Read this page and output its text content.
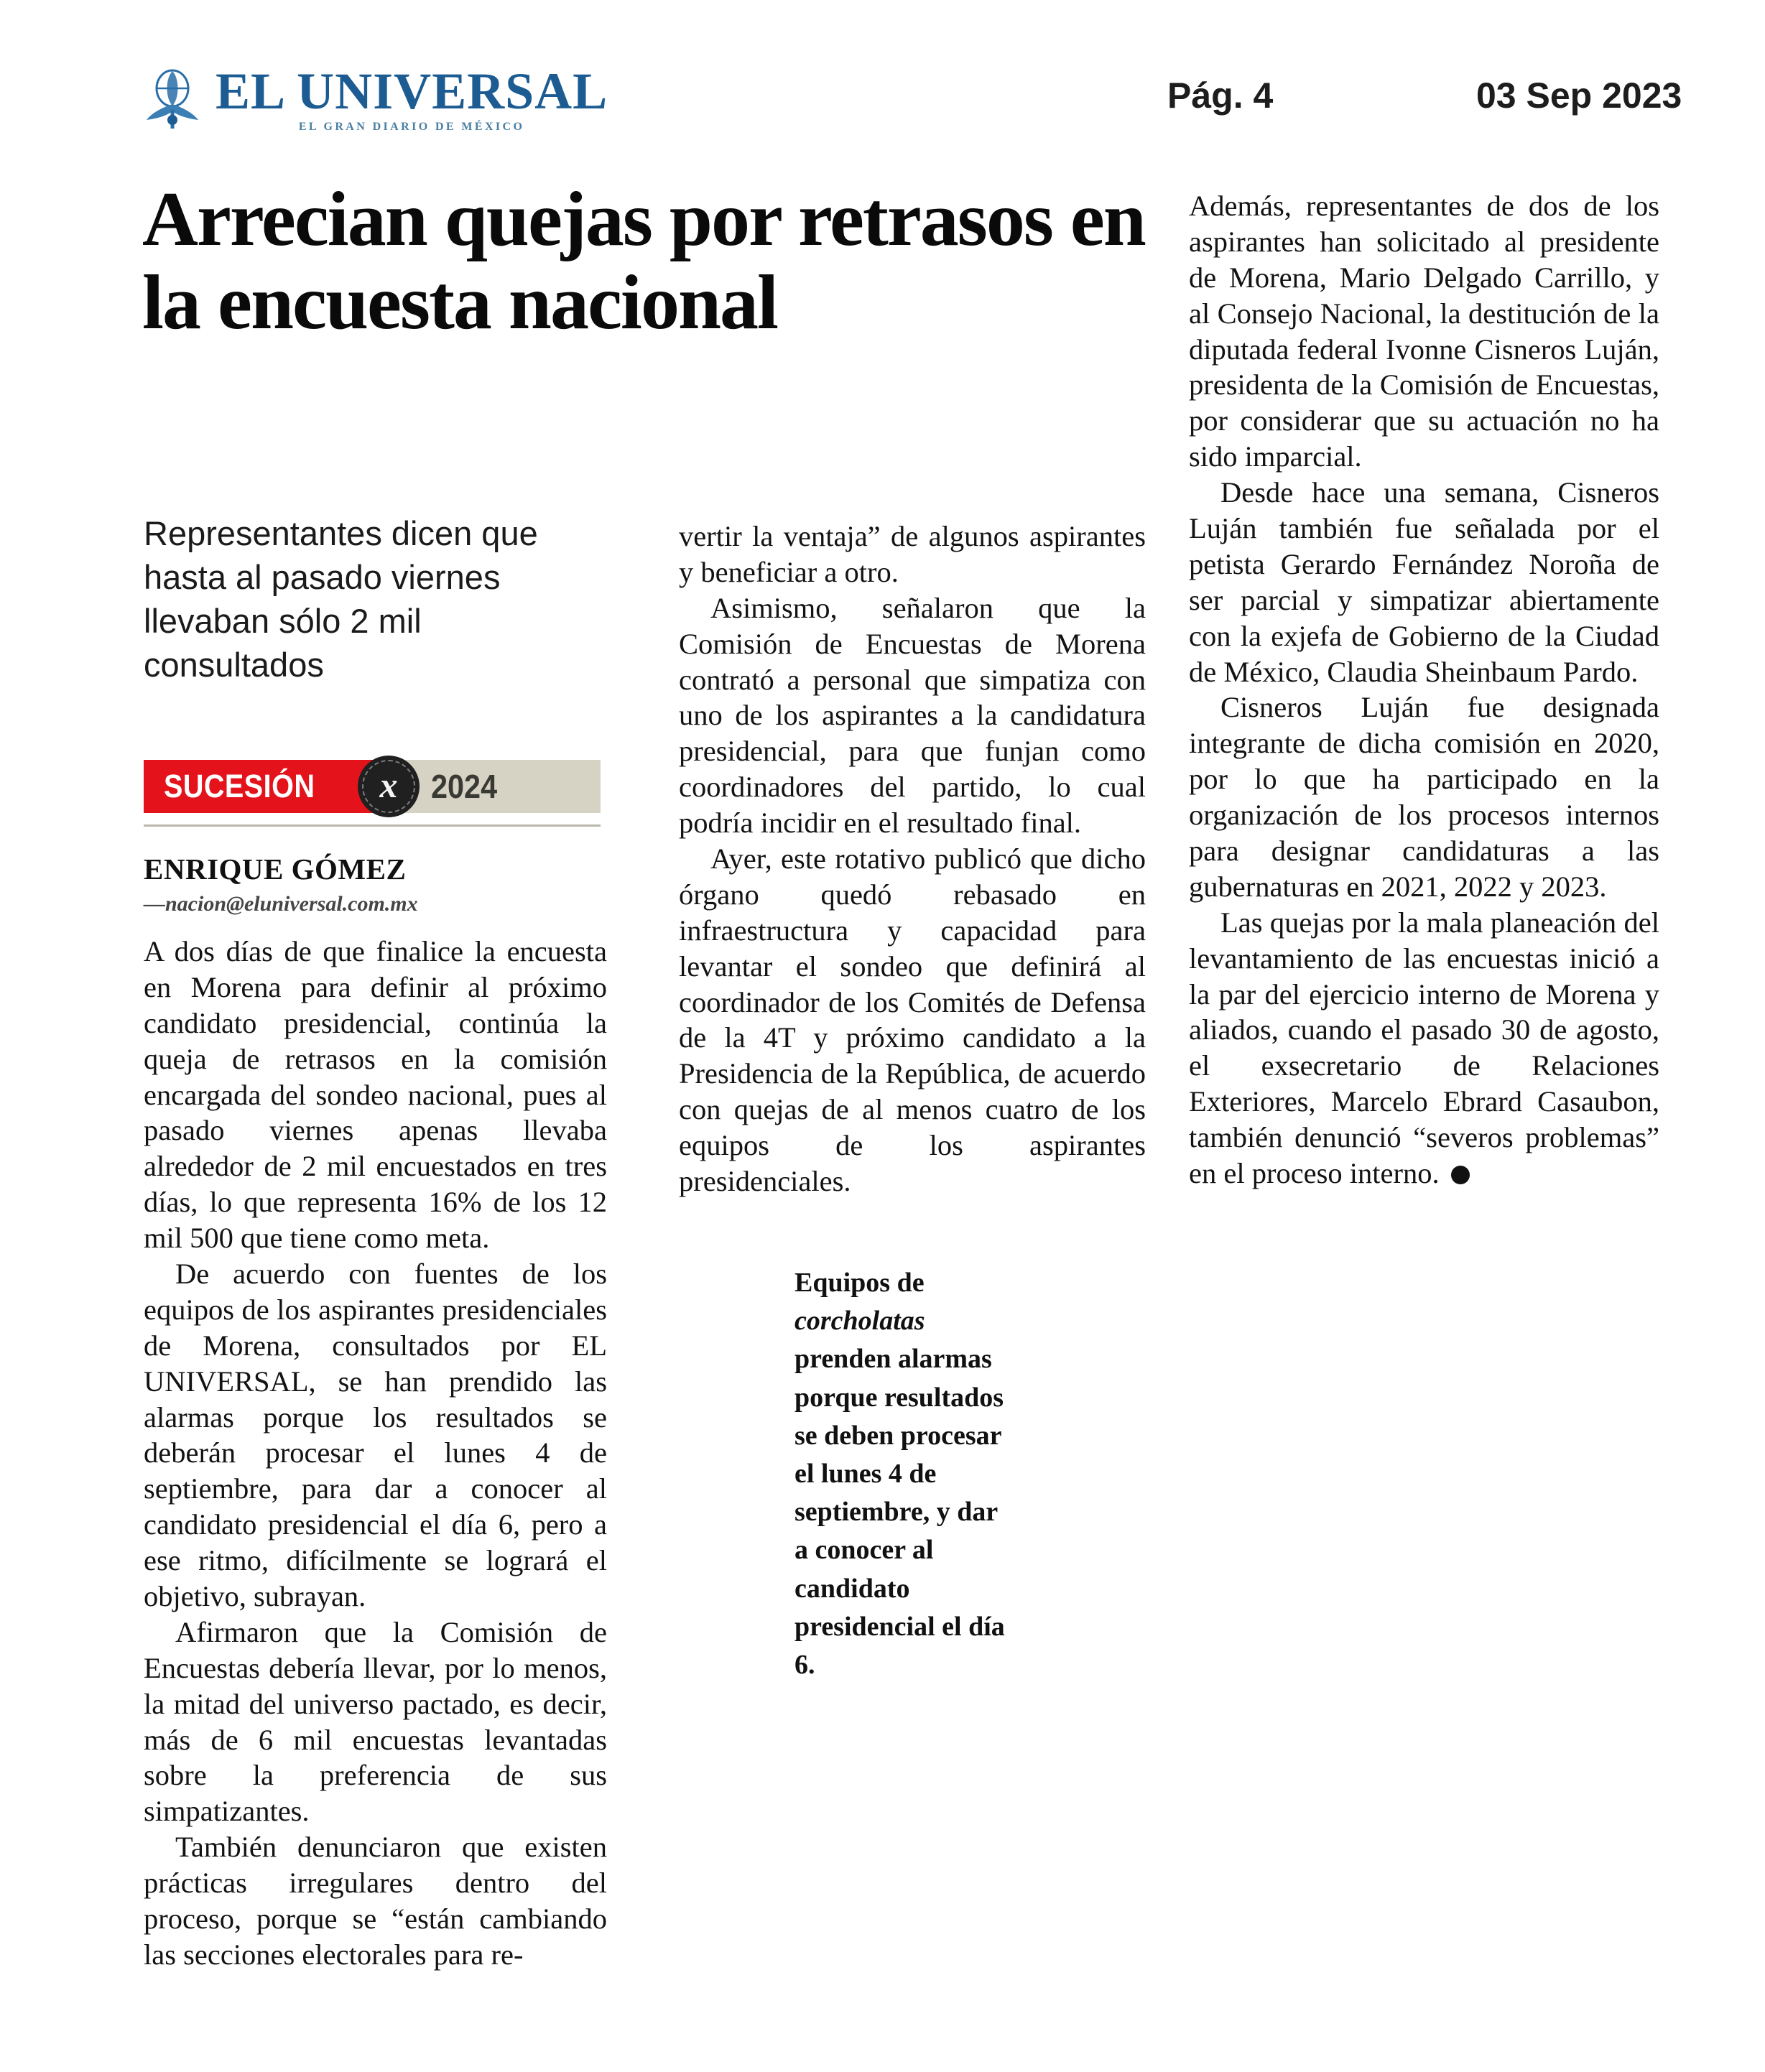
EL UNIVERSAL
EL GRAN DIARIO DE MÉXICO
Pág. 4	03 Sep 2023
Arrecian quejas por retrasos en la encuesta nacional

Representantes dicen que hasta al pasado viernes llevaban sólo 2 mil consultados

SUCESIÓN x 2024

ENRIQUE GÓMEZ

—nacion@eluniversal.com.mx

A dos días de que finalice la encuesta en Morena para definir al próximo candidato presidencial, continúa la queja de retrasos en la comisión encargada del sondeo nacional, pues al pasado viernes apenas llevaba alrededor de 2 mil encuestados en tres días, lo que representa 16% de los 12 mil 500 que tiene como meta.

De acuerdo con fuentes de los equipos de los aspirantes presidenciales de Morena, consultados por EL UNIVERSAL, se han prendido las alarmas porque los resultados se deberán procesar el lunes 4 de septiembre, para dar a conocer al candidato presidencial el día 6, pero a ese ritmo, difícilmente se logrará el objetivo, subrayan.

Afirmaron que la Comisión de Encuestas debería llevar, por lo menos, la mitad del universo pactado, es decir, más de 6 mil encuestas levantadas sobre la preferencia de sus simpatizantes.

También denunciaron que existen prácticas irregulares dentro del proceso, porque se “están cambiando las secciones electorales para re-

vertir la ventaja” de algunos aspirantes y beneficiar a otro.

Asimismo, señalaron que la Comisión de Encuestas de Morena contrató a personal que simpatiza con uno de los aspirantes a la candidatura presidencial, para que funjan como coordinadores del partido, lo cual podría incidir en el resultado final.

Ayer, este rotativo publicó que dicho órgano quedó rebasado en infraestructura y capacidad para levantar el sondeo que definirá al coordinador de los Comités de Defensa de la 4T y próximo candidato a la Presidencia de la República, de acuerdo con quejas de al menos cuatro de los equipos de los aspirantes presidenciales.

Equipos de corcholatas prenden alarmas porque resultados se deben procesar el lunes 4 de septiembre, y dar a conocer al candidato presidencial el día 6.

Además, representantes de dos de los aspirantes han solicitado al presidente de Morena, Mario Delgado Carrillo, y al Consejo Nacional, la destitución de la diputada federal Ivonne Cisneros Luján, presidenta de la Comisión de Encuestas, por considerar que su actuación no ha sido imparcial.

Desde hace una semana, Cisneros Luján también fue señalada por el petista Gerardo Fernández Noroña de ser parcial y simpatizar abiertamente con la exjefa de Gobierno de la Ciudad de México, Claudia Sheinbaum Pardo.

Cisneros Luján fue designada integrante de dicha comisión en 2020, por lo que ha participado en la organización de los procesos internos para designar candidaturas a las gubernaturas en 2021, 2022 y 2023.

Las quejas por la mala planeación del levantamiento de las encuestas inició a la par del ejercicio interno de Morena y aliados, cuando el pasado 30 de agosto, el exsecretario de Relaciones Exteriores, Marcelo Ebrard Casaubon, también denunció “severos problemas” en el proceso interno.
